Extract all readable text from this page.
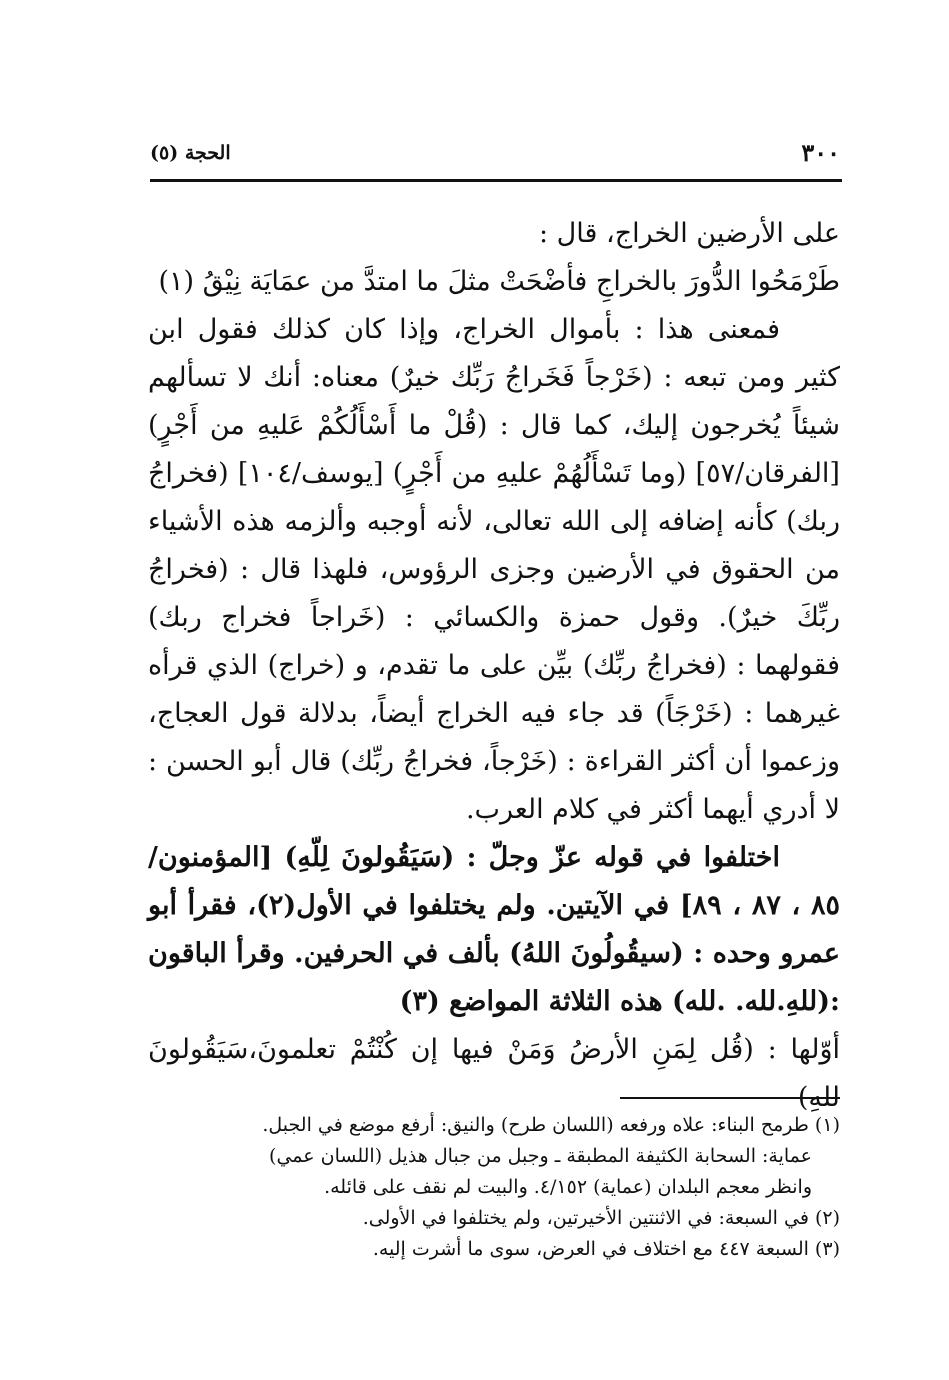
٣٠٠
الحجة (٥)

على الأرضين الخراج، قال :

طَرْمَحُوا الدُّورَ بالخراجِ فأضْحَتْ مثلَ ما امتدَّ من عمَايَة نِيْقُ (١)

فمعنى هذا : بأموال الخراج، وإذا كان كذلك فقول ابن كثير ومن تبعه : (خَرْجاً فَخَراجُ رَبِّك خيرٌ) معناه: أنك لا تسألهم شيئاً يُخرجون إليك، كما قال : (قُلْ ما أَسْأَلُكُمْ عَليهِ من أَجْرٍ) [الفرقان/٥٧] (وما تَسْأَلُهُمْ عليهِ من أَجْرٍ) [يوسف/١٠٤] (فخراجُ ربك) كأنه إضافه إلى الله تعالى، لأنه أوجبه وألزمه هذه الأشياء من الحقوق في الأرضين وجزى الرؤوس، فلهذا قال : (فخراجُ ربِّكَ خيرٌ). وقول حمزة والكسائي : (خَراجاً فخراج ربك) فقولهما : (فخراجُ ربِّك) بيِّن على ما تقدم، و (خراج) الذي قرأه غيرهما : (خَرْجَاً) قد جاء فيه الخراج أيضاً، بدلالة قول العجاج، وزعموا أن أكثر القراءة : (خَرْجاً، فخراجُ ربِّك) قال أبو الحسن : لا أدري أيهما أكثر في كلام العرب.

اختلفوا في قوله عزّ وجلّ : (سَيَقُولونَ لِلّهِ) [المؤمنون/٨٥ ، ٨٧ ، ٨٩] في الآيتين. ولم يختلفوا في الأول(٢)، فقرأ أبو عمرو وحده : (سيقُولُونَ اللهُ) بألف في الحرفين. وقرأ الباقون :(للهِ.لله. .لله) هذه الثلاثة المواضع (٣)

أوّلها : (قُل لِمَنِ الأرضُ وَمَنْ فيها إن كُنْتُمْ تعلمونَ،سَيَقُولونَ للهِ)

(١) طرمح البناء: علاه ورفعه (اللسان طرح) والنيق: أرفع موضع في الجبل.

عماية: السحابة الكثيفة المطبقة ـ وجبل من جبال هذيل (اللسان عمي)

وانظر معجم البلدان (عماية) ٤/١٥٢. والبيت لم نقف على قائله.

(٢) في السبعة: في الاثنتين الأخيرتين، ولم يختلفوا في الأولى.

(٣) السبعة ٤٤٧ مع اختلاف في العرض، سوى ما أشرت إليه.
